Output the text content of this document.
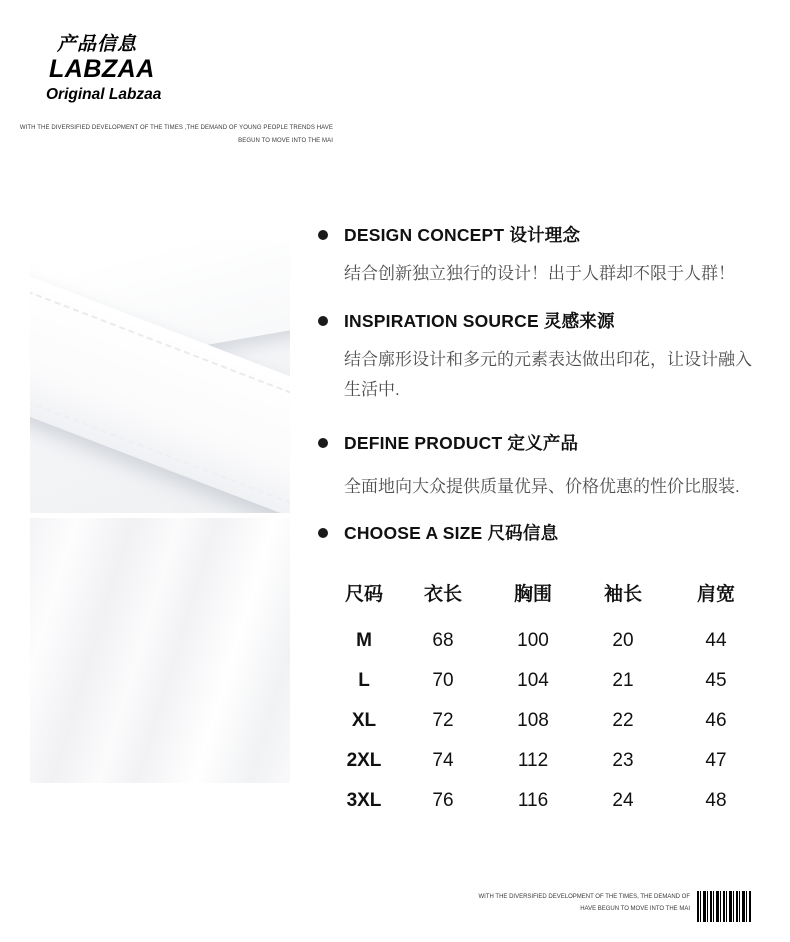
产品信息
LABZAA
Original Labzaa
WITH THE DIVERSIFIED DEVELOPMENT OF THE TIMES ,THE DEMAND OF YOUNG PEOPLE TRENDS HAVE
BEGUN TO MOVE INTO THE MAI
DESIGN CONCEPT 设计理念
结合创新独立独行的设计！出于人群却不限于人群！
INSPIRATION SOURCE 灵感来源
结合廓形设计和多元的元素表达做出印花，让设计融入
生活中.
DEFINE PRODUCT 定义产品
全面地向大众提供质量优异、价格优惠的性价比服装.
CHOOSE A SIZE 尺码信息
尺码	衣长	胸围	袖长	肩宽
M	68	100	20	44
L	70	104	21	45
XL	72	108	22	46
2XL	74	112	23	47
3XL	76	116	24	48
WITH THE DIVERSIFIED DEVELOPMENT OF THE TIMES, THE DEMAND OF
HAVE BEGUN TO MOVE INTO THE MAI
